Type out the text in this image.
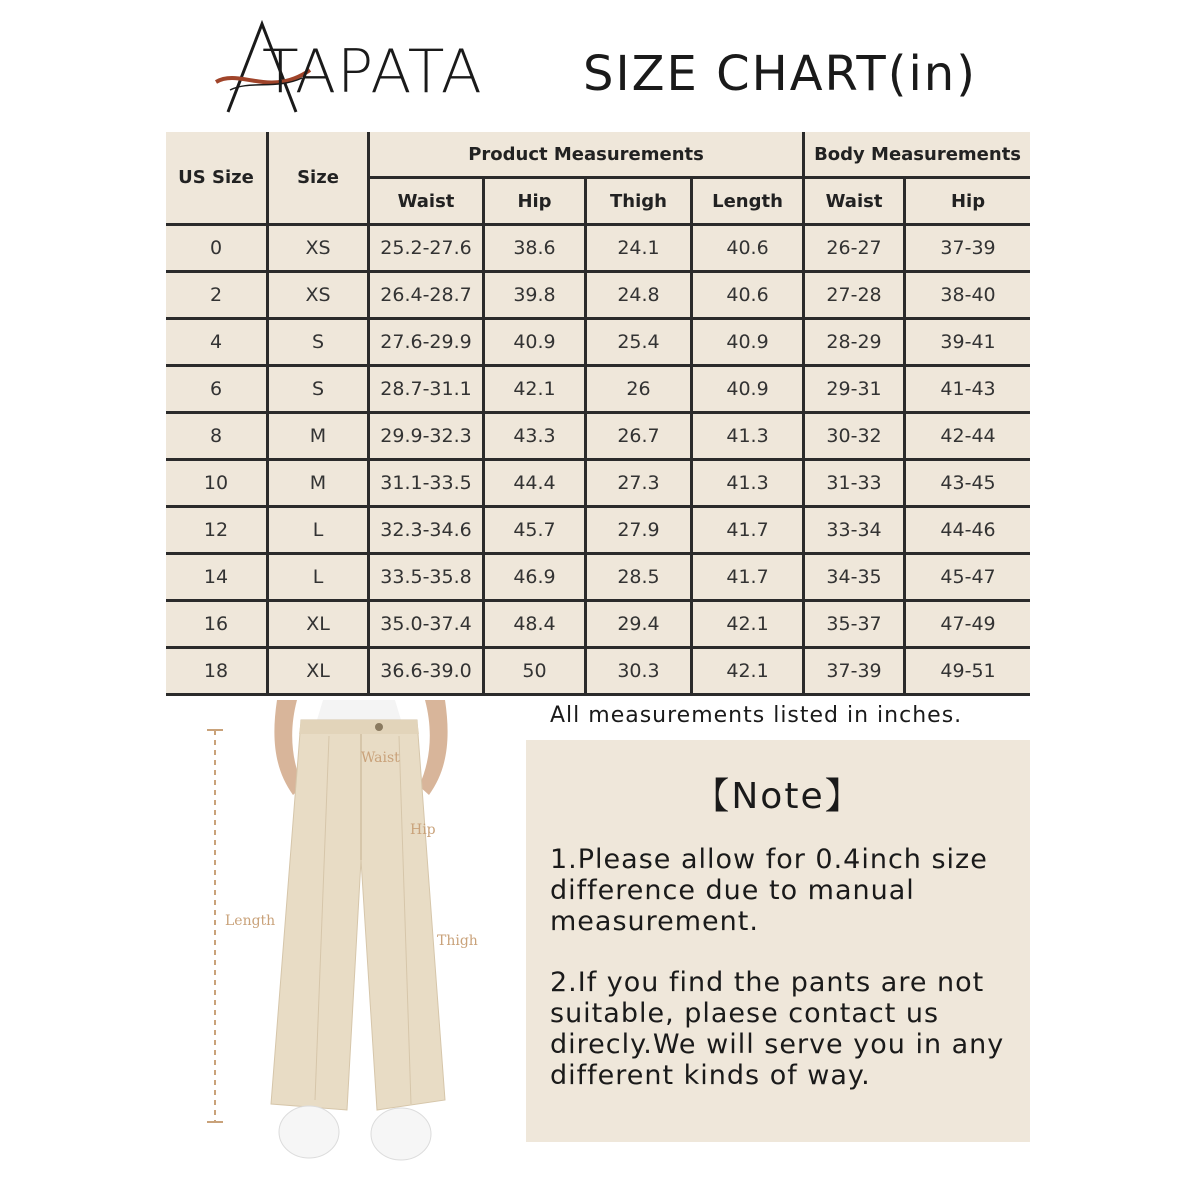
TAPATA SIZE CHART(in)
US Size	Size	Product Measurements				Body Measurements	
		Waist	Hip	Thigh	Length	Waist	Hip
0	XS	25.2-27.6	38.6	24.1	40.6	26-27	37-39
2	XS	26.4-28.7	39.8	24.8	40.6	27-28	38-40
4	S	27.6-29.9	40.9	25.4	40.9	28-29	39-41
6	S	28.7-31.1	42.1	26	40.9	29-31	41-43
8	M	29.9-32.3	43.3	26.7	41.3	30-32	42-44
10	M	31.1-33.5	44.4	27.3	41.3	31-33	43-45
12	L	32.3-34.6	45.7	27.9	41.7	33-34	44-46
14	L	33.5-35.8	46.9	28.5	41.7	34-35	45-47
16	XL	35.0-37.4	48.4	29.4	42.1	35-37	47-49
18	XL	36.6-39.0	50	30.3	42.1	37-39	49-51
All measurements listed in inches.
Waist
Hip
Length
Thigh
【Note】

1.Please allow for 0.4inch size difference due to manual measurement.

2.If you find the pants are not suitable, plaese contact us direcly.We will serve you in any different kinds of way.
